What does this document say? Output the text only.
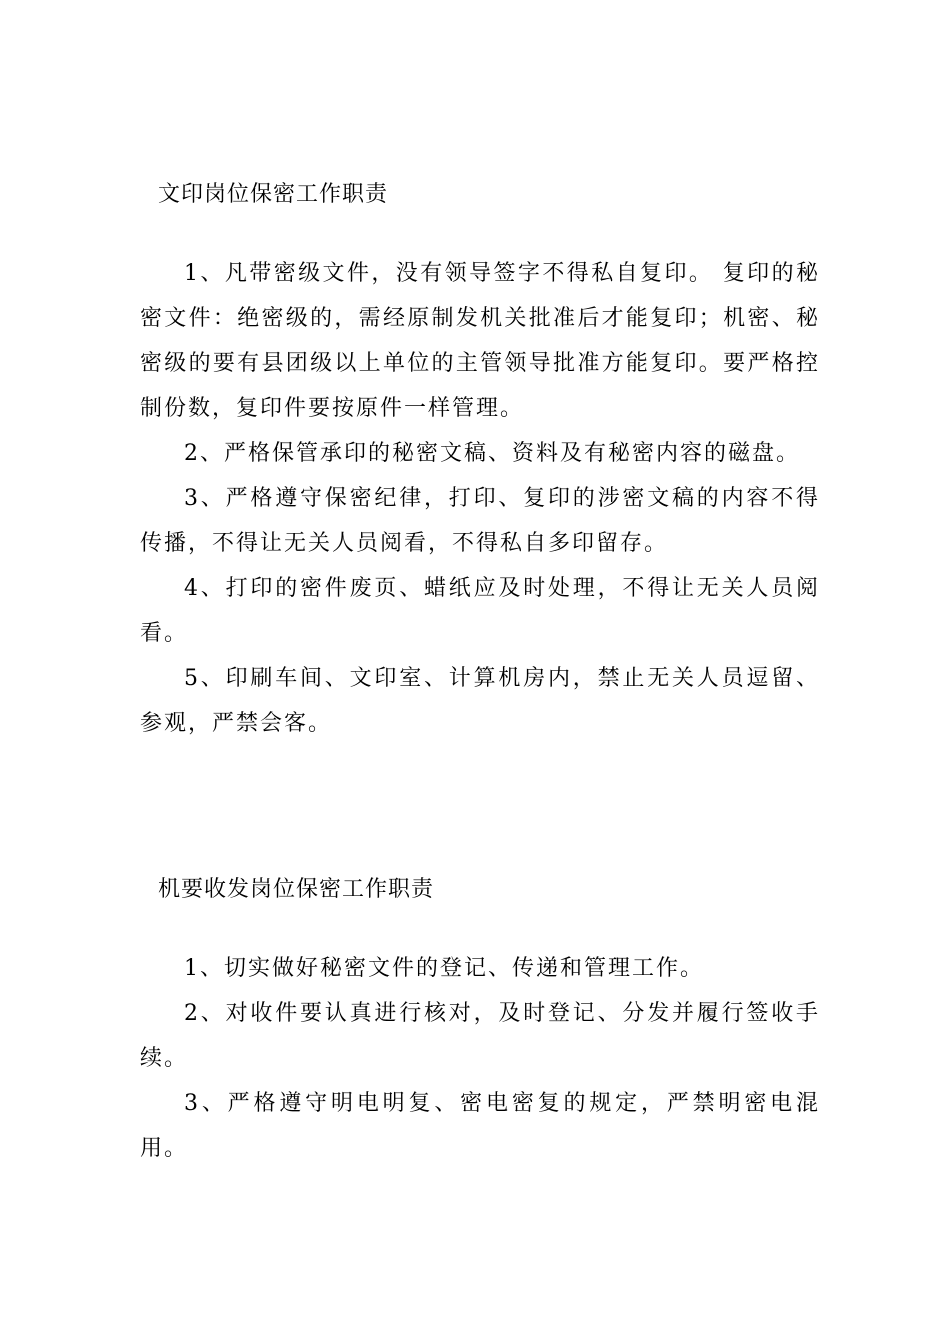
文印岗位保密工作职责

1、凡带密级文件，没有领导签字不得私自复印。 复印的秘密文件：绝密级的，需经原制发机关批准后才能复印；机密、秘密级的要有县团级以上单位的主管领导批准方能复印。要严格控制份数，复印件要按原件一样管理。

2、严格保管承印的秘密文稿、资料及有秘密内容的磁盘。

3、严格遵守保密纪律，打印、复印的涉密文稿的内容不得传播，不得让无关人员阅看，不得私自多印留存。

4、打印的密件废页、蜡纸应及时处理，不得让无关人员阅看。

5、印刷车间、文印室、计算机房内，禁止无关人员逗留、参观，严禁会客。

机要收发岗位保密工作职责

1、切实做好秘密文件的登记、传递和管理工作。

2、对收件要认真进行核对，及时登记、分发并履行签收手续。

3、严格遵守明电明复、密电密复的规定，严禁明密电混用。
